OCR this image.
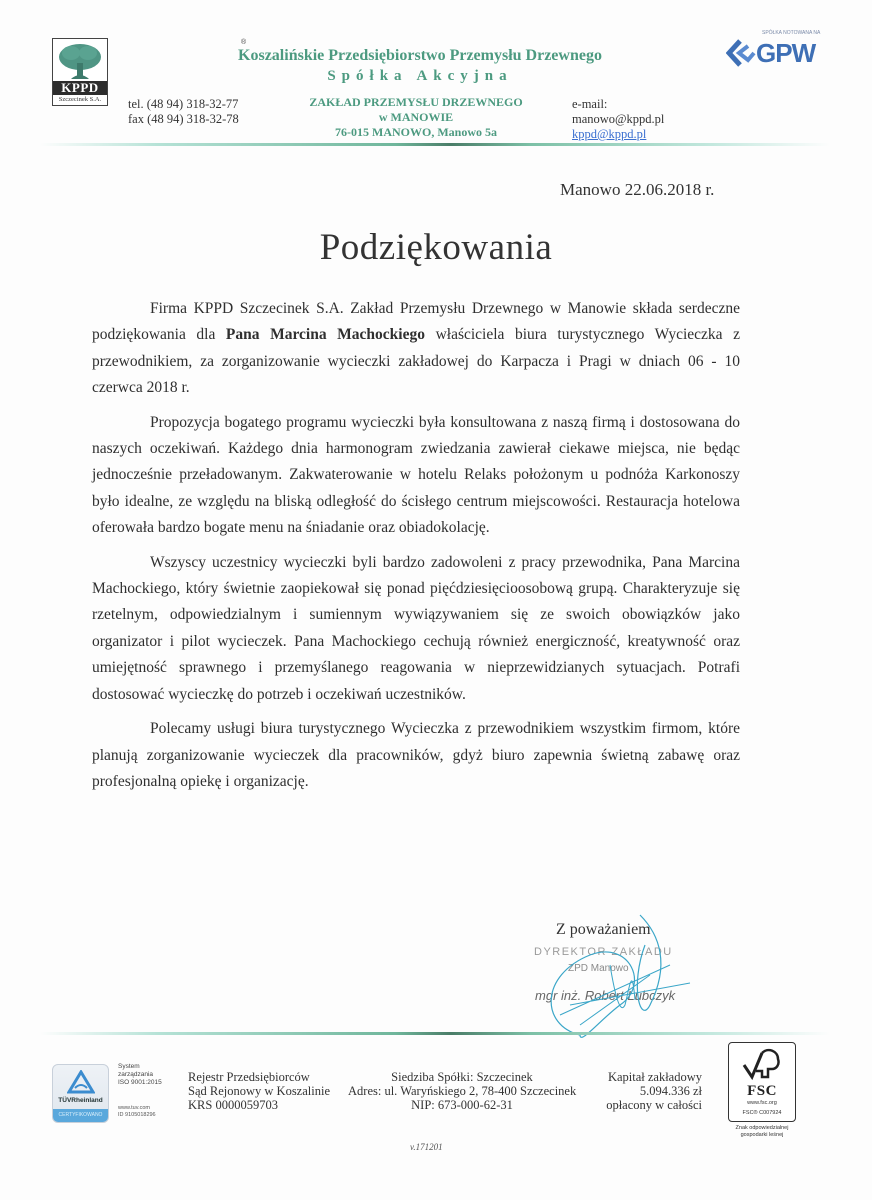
®
KPPD
Szczecinek S.A.
Koszalińskie Przedsiębiorstwo Przemysłu Drzewnego
Spółka Akcyjna
tel. (48 94) 318-32-77
fax (48 94) 318-32-78
ZAKŁAD PRZEMYSŁU DRZEWNEGO
w MANOWIE
76-015 MANOWO, Manowo 5a
e-mail:
manowo@kppd.pl
kppd@kppd.pl
SPÓŁKA NOTOWANA NA
GPW
Manowo 22.06.2018 r.
Podziękowania

Firma KPPD Szczecinek S.A. Zakład Przemysłu Drzewnego w Manowie składa serdeczne podziękowania dla Pana Marcina Machockiego właściciela biura turystycznego Wycieczka z przewodnikiem, za zorganizowanie wycieczki zakładowej do Karpacza i Pragi w dniach 06 - 10 czerwca 2018 r.

Propozycja bogatego programu wycieczki była konsultowana z naszą firmą i dostosowana do naszych oczekiwań. Każdego dnia harmonogram zwiedzania zawierał ciekawe miejsca, nie będąc jednocześnie przeładowanym. Zakwaterowanie w hotelu Relaks położonym u podnóża Karkonoszy było idealne, ze względu na bliską odległość do ścisłego centrum miejscowości. Restauracja hotelowa oferowała bardzo bogate menu na śniadanie oraz obiadokolację.

Wszyscy uczestnicy wycieczki byli bardzo zadowoleni z pracy przewodnika, Pana Marcina Machockiego, który świetnie zaopiekował się ponad pięćdziesięcioosobową grupą. Charakteryzuje się rzetelnym, odpowiedzialnym i sumiennym wywiązywaniem się ze swoich obowiązków jako organizator i pilot wycieczek. Pana Machockiego cechują również energiczność, kreatywność oraz umiejętność sprawnego i przemyślanego reagowania w nieprzewidzianych sytuacjach. Potrafi dostosować wycieczkę do potrzeb i oczekiwań uczestników.

Polecamy usługi biura turystycznego Wycieczka z przewodnikiem wszystkim firmom, które planują zorganizowanie wycieczek dla pracowników, gdyż biuro zapewnia świetną zabawę oraz profesjonalną opiekę i organizację.

Z poważaniem
DYREKTOR ZAKŁADU
ZPD Manowo
mgr inż. Robert Lubczyk
TÜVRheinland
CERTYFIKOWANO
System
zarządzania
ISO 9001:2015
www.tuv.com
ID 9105018296
Rejestr Przedsiębiorców
Sąd Rejonowy w Koszalinie
KRS 0000059703
Siedziba Spółki: Szczecinek
Adres: ul. Waryńskiego 2, 78-400 Szczecinek
NIP: 673-000-62-31
Kapitał zakładowy
5.094.336 zł
opłacony w całości
FSC
www.fsc.org
FSC® C007924
Znak odpowiedzialnej
gospodarki leśnej
v.171201
